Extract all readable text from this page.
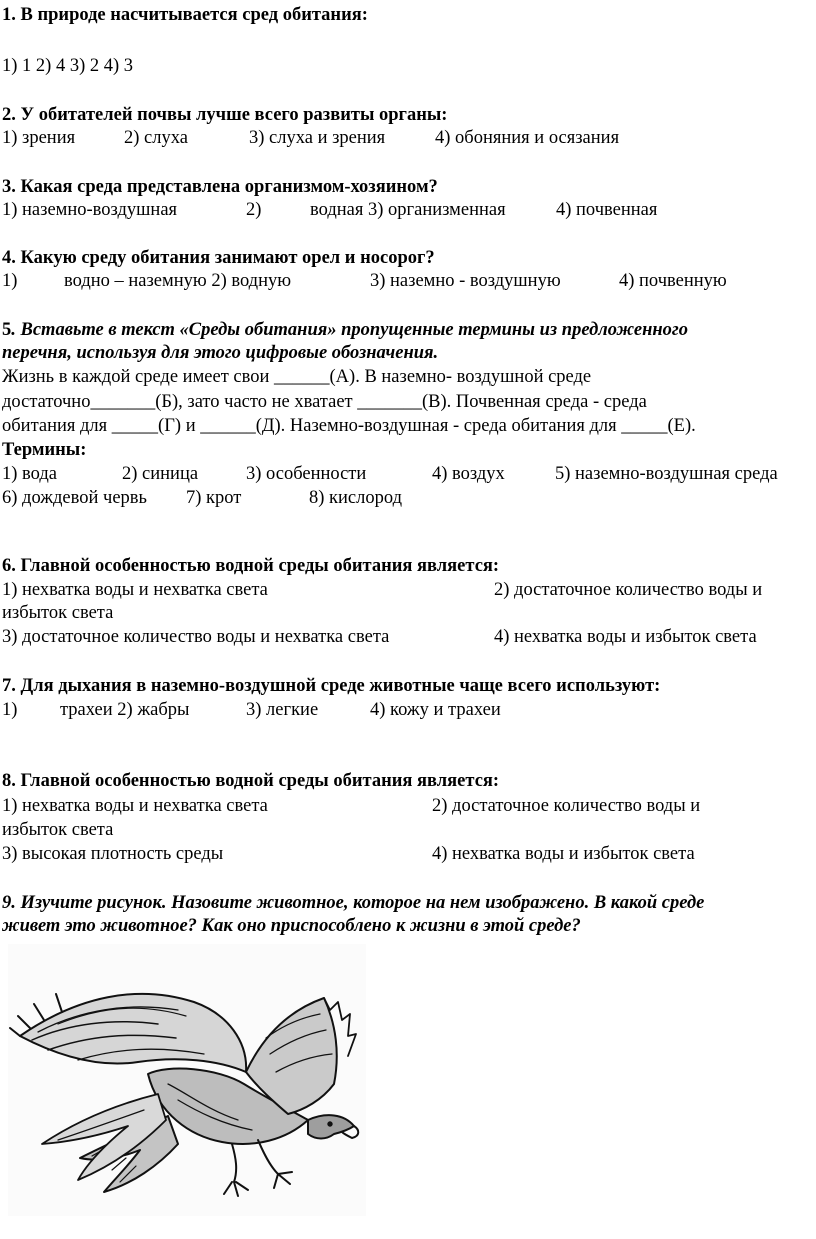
1. В природе насчитывается сред обитания:
1) 1 2) 4 3) 2 4) 3
2. У обитателей почвы лучше всего развиты органы:
1) зрения	2) слуха	3) слуха и зрения	4) обоняния и осязания
3. Какая среда представлена организмом-хозяином?
1) наземно-воздушная	2)	водная 3) организменная	4) почвенная
4. Какую среду обитания занимают орел и носорог?
1)	водно – наземную 2) водную	3) наземно - воздушную	4) почвенную
5. Вставьте в текст «Среды обитания» пропущенные термины из предложенного
перечня, используя для этого цифровые обозначения.
Жизнь в каждой среде имеет свои ______(А). В наземно- воздушной среде
достаточно_______(Б), зато часто не хватает _______(В). Почвенная среда - среда
обитания для _____(Г) и ______(Д). Наземно-воздушная - среда обитания для _____(Е).
Термины:
1) вода	2) синица	3) особенности	4) воздух	5) наземно-воздушная среда
6) дождевой червь 7) крот	8) кислород
6. Главной особенностью водной среды обитания является:
1) нехватка воды и нехватка света	2) достаточное количество воды и
избыток света
3) достаточное количество воды и нехватка света	4) нехватка воды и избыток света
7. Для дыхания в наземно-воздушной среде животные чаще всего используют:
1) трахеи 2) жабры	3) легкие	4) кожу и трахеи
8. Главной особенностью водной среды обитания является:
1) нехватка воды и нехватка света	2) достаточное количество воды и
избыток света
3) высокая плотность среды	4) нехватка воды и избыток света
9. Изучите рисунок. Назовите животное, которое на нем изображено. В какой среде
живет это животное? Как оно приспособлено к жизни в этой среде?
